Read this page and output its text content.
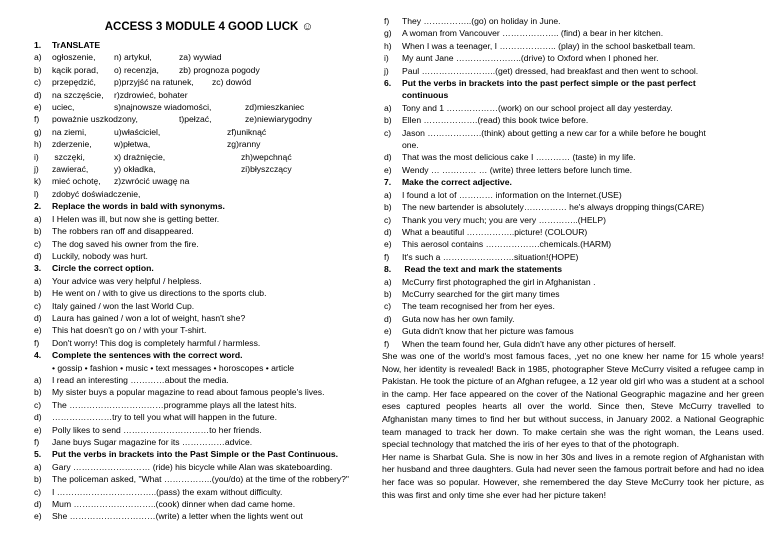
ACCESS 3 MODULE 4 GOOD LUCK ☺
1. TrANSLATE
a) ogłoszenie, n) artykuł,	za) wywiad
b) kącik porad, o) recenzja, zb) prognoza pogody
c) przepędzić, p)przyjść na ratunek, zc) dowód
d) na szczęście, r)zdrowieć, bohater
e) uciec,	s)najnowsze wiadomości,	zd)mieszkaniec
f) poważnie uszkodzony,	t)pełzać,	ze)niewiarygodny
g) na ziemi,	u)właściciel,	zf)uniknąć
h) zderzenie,	w)płetwa,	zg)ranny
i) szczęki,	x) drażnięcie,	zh)wepchnąć
j) zawierać,	y) okładka,	zi)błyszczący
k) mieć ochotę, z)zwrócić uwagę na
l) zdobyć doświadczenie,
2. Replace the words in bald with synonyms.
a) I Helen was ill, but now she is getting better.
b) The robbers ran off and disappeared.
c) The dog saved his owner from the fire.
d) Luckily, nobody was hurt.
3. Circle the correct option.
a) Your advice was very helpful / helpless.
b) He went on / with to give us directions to the sports club.
c) Italy gained / won the last World Cup.
d) Laura has gained / won a lot of weight, hasn't she?
e) This hat doesn't go on / with your T-shirt.
f) Don't worry! This dog is completely harmful / harmless.
4. Complete the sentences with the correct word.
• gossip • fashion • music • text messages • horoscopes • article
a) I read an interesting …………about the media.
b) My sister buys a popular magazine to read about famous people's lives.
c) The ……………………………programme plays all the latest hits.
d) …………………try to tell you what will happen in the future.
e) Polly likes to send …………………………to her friends.
f) Jane buys Sugar magazine for its ……………advice.
5. Put the verbs in brackets into the Past Simple or the Past Continuous.
a) Gary ……………………… (ride) his bicycle while Alan was skateboarding.
b) The policeman asked, "What ……………..(you/do) at the time of the robbery?"
c) I ……………………………..(pass) the exam without difficulty.
d) Mum ………………………..(cook) dinner when dad came home.
e) She …………………………(write) a letter when the lights went out
f) They ……………..(go) on holiday in June.
g) A woman from Vancouver ……………….. (find) a bear in her kitchen.
h) When I was a teenager, I ……………….. (play) in the school basketball team.
i) My aunt Jane …………………..(drive) to Oxford when I phoned her.
j) Paul ……………………..(get) dressed, had breakfast and then went to school.
6. Put the verbs in brackets into the past perfect simple or the past perfect
continuous
a) Tony and 1 ………………(work) on our school project all day yesterday.
b) Ellen ……………….(read) this book twice before.
c) Jason ……………….(think) about getting a new car for a while before he bought
one.
d) That was the most delicious cake I ………… (taste) in my life.
e) Wendy … ………… … (write) three letters before lunch time.
7. Make the correct adjective.
a) I found a lot of ………… information on the Internet.(USE)
b) The new bartender is absolutely…………… he's always dropping things(CARE)
c) Thank you very much; you are very …………..(HELP)
d) What a beautiful ……………..picture! (COLOUR)
e) This aerosol contains ……………….chemicals.(HARM)
f) It's such a …………………….situation!(HOPE)
8. Read the text and mark the statements
a) McCurry first photographed the girl in Afghanistan .
b) McCurry searched for the girt many times
c) The team recognised her from her eyes.
d) Guta now has her own family.
e) Guta didn't know that her picture was famous
f) When the team found her, Gula didn't have any other pictures of herself.

She was one of the world's most famous faces, ,yet no one knew her name for 15 whole years! Now, her identity is revealed! Back in 1985, photographer Steve McCurry visited a refugee camp in Pakistan. He took the picture of an Afghan refugee, a 12 year old girl who was a student at a school in the camp. Her face appeared on the cover of the National Geographic magazine and her green eses captured peoples hearts all over the world. Since then, Steve McCurry travelled to Afghanistan many times to find her but without success, in January 2002. a National Geographic team managed to track her down. To make certain she was the right woman, the Leans used. special technology that matched the iris of her eyes to that of the photograph.

Her name is Sharbat Gula. She is now in her 30s and lives in a remote region of Afghanistan with her husband and three daughters. Gula had never seen the famous portrait before and had no idea her face was so popular. However, she remembered the day Steve McCurry took her picture, as this was first and only time she ever had her picture taken!
